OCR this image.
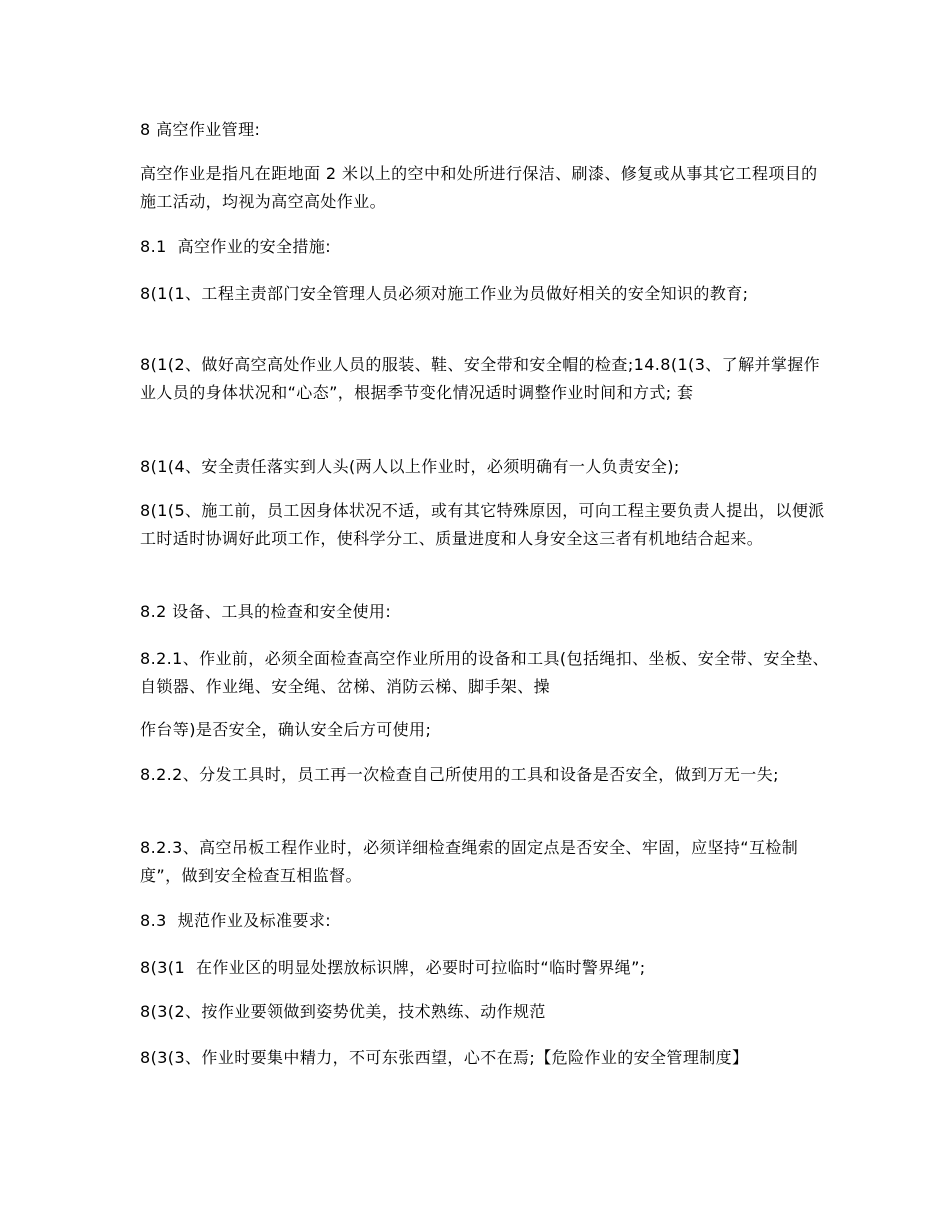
8 高空作业管理:

高空作业是指凡在距地面 2 米以上的空中和处所进行保洁、刷漆、修复或从事其它工程项目的施工活动，均视为高空高处作业。

8.1  高空作业的安全措施:

8(1(1、工程主责部门安全管理人员必须对施工作业为员做好相关的安全知识的教育;

8(1(2、做好高空高处作业人员的服装、鞋、安全带和安全帽的检查;14.8(1(3、了解并掌握作业人员的身体状况和“心态”，根据季节变化情况适时调整作业时间和方式; 套

8(1(4、安全责任落实到人头(两人以上作业时，必须明确有一人负责安全);

8(1(5、施工前，员工因身体状况不适，或有其它特殊原因，可向工程主要负责人提出，以便派工时适时协调好此项工作，使科学分工、质量进度和人身安全这三者有机地结合起来。

8.2 设备、工具的检查和安全使用:

8.2.1、作业前，必须全面检查高空作业所用的设备和工具(包括绳扣、坐板、安全带、安全垫、自锁器、作业绳、安全绳、岔梯、消防云梯、脚手架、操

作台等)是否安全，确认安全后方可使用;

8.2.2、分发工具时，员工再一次检查自己所使用的工具和设备是否安全，做到万无一失;

8.2.3、高空吊板工程作业时，必须详细检查绳索的固定点是否安全、牢固，应坚持“互检制度”，做到安全检查互相监督。

8.3  规范作业及标准要求:

8(3(1  在作业区的明显处摆放标识牌，必要时可拉临时“临时警界绳”;

8(3(2、按作业要领做到姿势优美，技术熟练、动作规范

8(3(3、作业时要集中精力，不可东张西望，心不在焉;【危险作业的安全管理制度】
